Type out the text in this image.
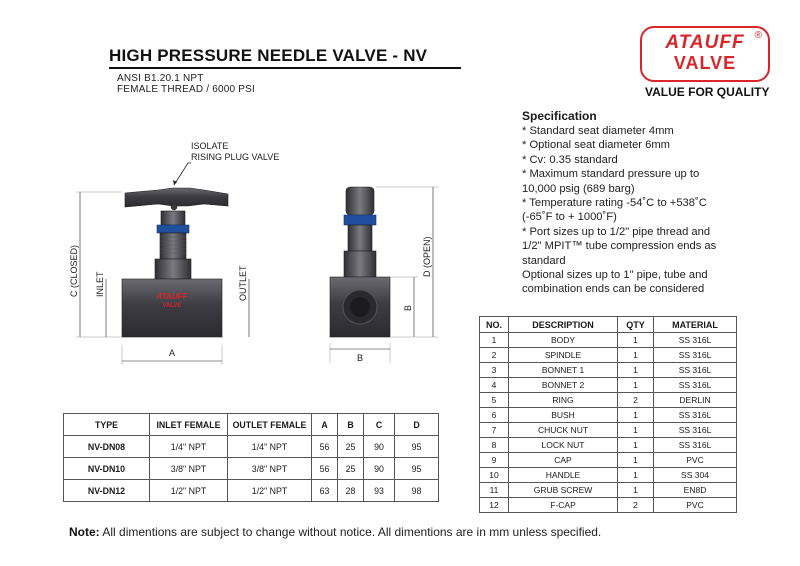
HIGH PRESSURE NEEDLE VALVE - NV
ANSI B1.20.1 NPT
FEMALE THREAD / 6000 PSI
ATAUFF
VALVE
®
VALUE FOR QUALITY
ISOLATE
RISING PLUG VALVE
ATAUFF
VALVE
C (CLOSED) INLET	OUTLET
A
D (OPEN)
B
B
Specification
* Standard seat diameter 4mm
* Optional seat diameter 6mm
* Cv: 0.35 standard
* Maximum standard pressure up to
10,000 psig (689 barg)
* Temperature rating -54˚C to +538˚C
(-65˚F to + 1000˚F)
* Port sizes up to 1/2" pipe thread and
1/2" MPIT™ tube compression ends as
standard
Optional sizes up to 1" pipe, tube and
combination ends can be considered
NO.	DESCRIPTION	QTY	MATERIAL
1	BODY	1	SS 316L
2	SPINDLE	1	SS 316L
3	BONNET 1	1	SS 316L
4	BONNET 2	1	SS 316L
5	RING	2	DERLIN
6	BUSH	1	SS 316L
7	CHUCK NUT	1	SS 316L
8	LOCK NUT	1	SS 316L
9	CAP	1	PVC
10	HANDLE	1	SS 304
11	GRUB SCREW	1	EN8D
12	F-CAP	2	PVC
TYPE	INLET FEMALE	OUTLET FEMALE	A	B	C	D
NV-DN08	1/4" NPT	1/4" NPT	56	25	90	95
NV-DN10	3/8" NPT	3/8" NPT	56	25	90	95
NV-DN12	1/2" NPT	1/2" NPT	63	28	93	98
Note: All dimentions are subject to change without notice. All dimentions are in mm unless specified.
